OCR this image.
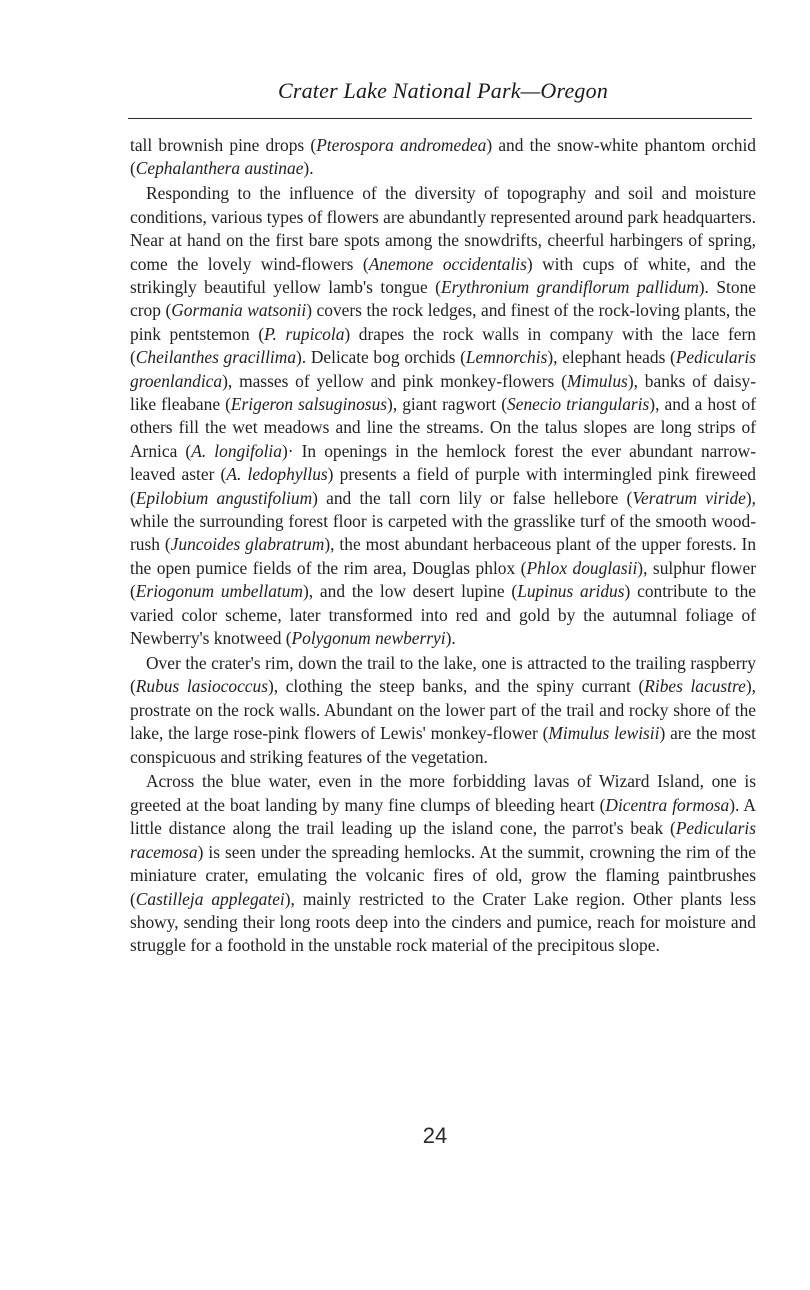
Crater Lake National Park—Oregon

tall brownish pine drops (Pterospora andromedea) and the snow-white phantom orchid (Cephalanthera austinae).

Responding to the influence of the diversity of topography and soil and moisture conditions, various types of flowers are abundantly represented around park headquarters. Near at hand on the first bare spots among the snowdrifts, cheerful harbingers of spring, come the lovely wind-flowers (Anemone occidentalis) with cups of white, and the strikingly beautiful yellow lamb's tongue (Erythronium grandiflorum pallidum). Stone crop (Gormania watsonii) covers the rock ledges, and finest of the rock-loving plants, the pink pentstemon (P. rupicola) drapes the rock walls in company with the lace fern (Cheilanthes gracillima). Delicate bog orchids (Lemnorchis), elephant heads (Pedicularis groenlandica), masses of yellow and pink monkey-flowers (Mimulus), banks of daisy-like fleabane (Erigeron salsuginosus), giant ragwort (Senecio triangularis), and a host of others fill the wet meadows and line the streams. On the talus slopes are long strips of Arnica (A. longifolia)· In openings in the hemlock forest the ever abundant narrow-leaved aster (A. ledophyllus) presents a field of purple with intermingled pink fireweed (Epilobium angustifolium) and the tall corn lily or false hellebore (Veratrum viride), while the surrounding forest floor is carpeted with the grasslike turf of the smooth wood-rush (Juncoides glabratrum), the most abundant herbaceous plant of the upper forests. In the open pumice fields of the rim area, Douglas phlox (Phlox douglasii), sulphur flower (Eriogonum umbellatum), and the low desert lupine (Lupinus aridus) contribute to the varied color scheme, later transformed into red and gold by the autumnal foliage of Newberry's knotweed (Polygonum newberryi).

Over the crater's rim, down the trail to the lake, one is attracted to the trailing raspberry (Rubus lasiococcus), clothing the steep banks, and the spiny currant (Ribes lacustre), prostrate on the rock walls. Abundant on the lower part of the trail and rocky shore of the lake, the large rose-pink flowers of Lewis' monkey-flower (Mimulus lewisii) are the most conspicuous and striking features of the vegetation.

Across the blue water, even in the more forbidding lavas of Wizard Island, one is greeted at the boat landing by many fine clumps of bleeding heart (Dicentra formosa). A little distance along the trail leading up the island cone, the parrot's beak (Pedicularis racemosa) is seen under the spreading hemlocks. At the summit, crowning the rim of the miniature crater, emulating the volcanic fires of old, grow the flaming paintbrushes (Castilleja applegatei), mainly restricted to the Crater Lake region. Other plants less showy, sending their long roots deep into the cinders and pumice, reach for moisture and struggle for a foothold in the unstable rock material of the precipitous slope.

24
